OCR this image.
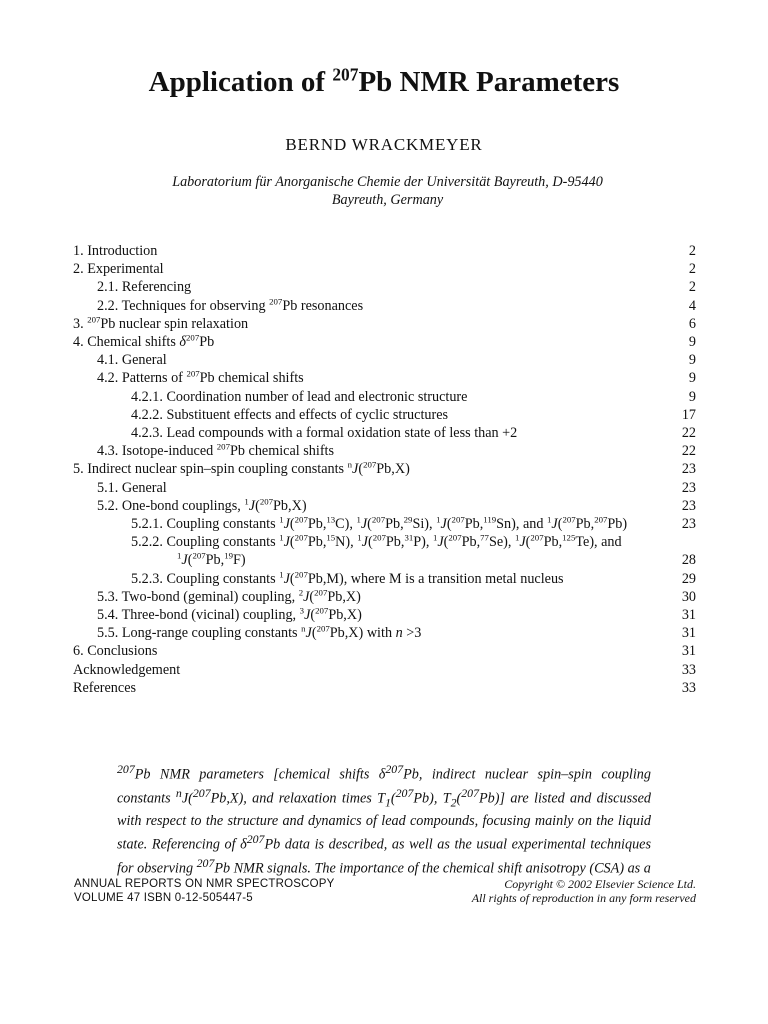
Application of $^{207}$Pb NMR Parameters
BERND WRACKMEYER
Laboratorium für Anorganische Chemie der Universität Bayreuth, D-95440
Bayreuth, Germany
1. Introduction	2
2. Experimental	2
2.1. Referencing	2
2.2. Techniques for observing $^{207}$Pb resonances	4
3. $^{207}$Pb nuclear spin relaxation	6
4. Chemical shifts $\delta^{207}Pb$	9
4.1. General	9
4.2. Patterns of $^{207}$Pb chemical shifts	9
4.2.1. Coordination number of lead and electronic structure	9
4.2.2. Substituent effects and effects of cyclic structures	17
4.2.3. Lead compounds with a formal oxidation state of less than +2	22
4.3. Isotope-induced $^{207}$Pb chemical shifts	22
5. Indirect nuclear spin–spin coupling constants $^n$J($^{207}$Pb,X)	23
5.1. General	23
5.2. One-bond couplings, $^1$J($^{207}$Pb,X)	23
5.2.1. Coupling constants $^1$J($^{207}$Pb,$^{13}$C), $^1$J($^{207}$Pb,$^{29}$Si), $^1$J($^{207}$Pb,$^{119}$Sn), and $^1$J($^{207}$Pb,$^{207}$Pb)	23
5.2.2. Coupling constants $^1$J($^{207}$Pb,$^{15}$N), $^1$J($^{207}$Pb,$^{31}$P), $^1$J($^{207}$Pb,$^{77}$Se), $^1$J($^{207}$Pb,$^{125}$Te), and $^1$J($^{207}$Pb,$^{19}$F)	28
5.2.3. Coupling constants $^1$J($^{207}$Pb,M), where M is a transition metal nucleus	29
5.3. Two-bond (geminal) coupling, $^2$J($^{207}$Pb,X)	30
5.4. Three-bond (vicinal) coupling, $^3$J($^{207}$Pb,X)	31
5.5. Long-range coupling constants $^n$J($^{207}$Pb,X) with n >3	31
6. Conclusions	31
Acknowledgement	33
References	33
$^{207}$Pb NMR parameters [chemical shifts $\delta^{207}Pb$, indirect nuclear spin–spin coupling constants $^n$J($^{207}$Pb,X), and relaxation times $T_1(^{207}Pb)$, $T_2(^{207}Pb)$] are listed and discussed with respect to the structure and dynamics of lead compounds, focusing mainly on the liquid state. Referencing of $\delta^{207}Pb$ data is described, as well as the usual experimental techniques for observing $^{207}$Pb NMR signals. The importance of the chemical shift anisotropy (CSA) as a
ANNUAL REPORTS ON NMR SPECTROSCOPY
VOLUME 47 ISBN 0-12-505447-5
Copyright © 2002 Elsevier Science Ltd.
All rights of reproduction in any form reserved
